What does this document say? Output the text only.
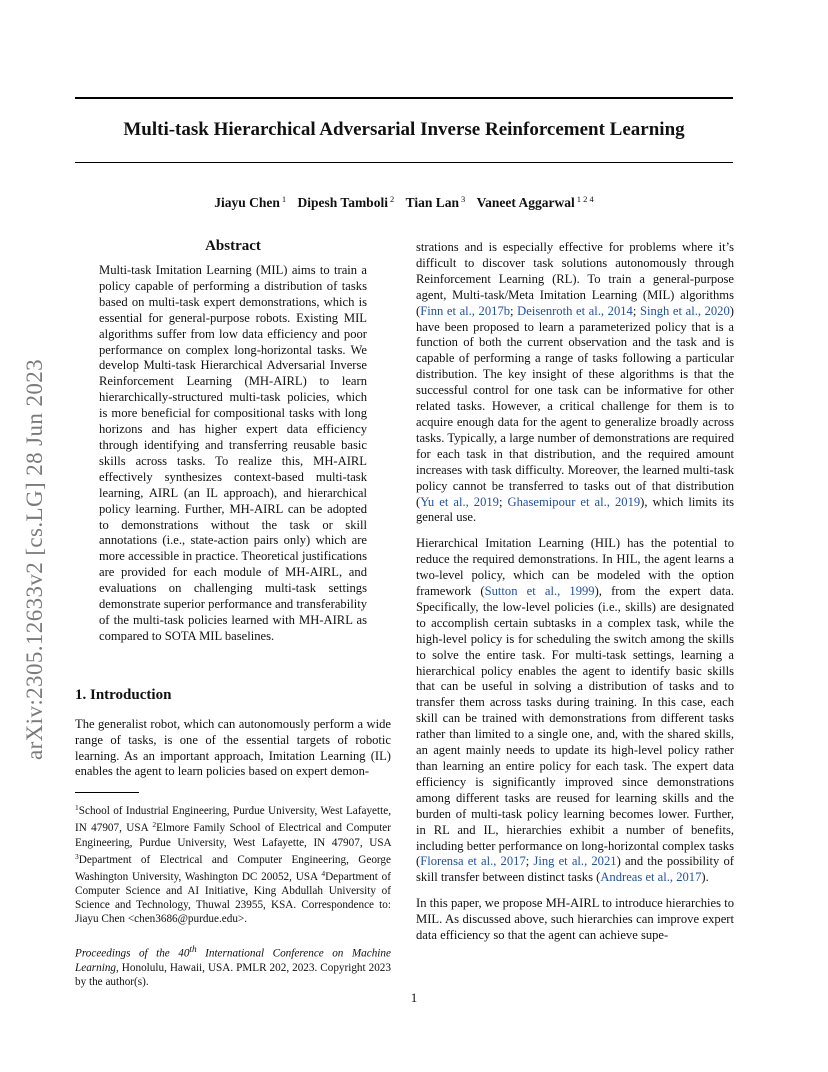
arXiv:2305.12633v2 [cs.LG] 28 Jun 2023
Multi-task Hierarchical Adversarial Inverse Reinforcement Learning
Jiayu Chen $^1$ Dipesh Tamboli $^2$ Tian Lan $^3$ Vaneet Aggarwal $^{1 2 4}$
Abstract

Multi-task Imitation Learning (MIL) aims to train a policy capable of performing a distribution of tasks based on multi-task expert demonstrations, which is essential for general-purpose robots. Existing MIL algorithms suffer from low data efficiency and poor performance on complex long-horizontal tasks. We develop Multi-task Hierarchical Adversarial Inverse Reinforcement Learning (MH-AIRL) to learn hierarchically-structured multi-task policies, which is more beneficial for compositional tasks with long horizons and has higher expert data efficiency through identifying and transferring reusable basic skills across tasks. To realize this, MH-AIRL effectively synthesizes context-based multi-task learning, AIRL (an IL approach), and hierarchical policy learning. Further, MH-AIRL can be adopted to demonstrations without the task or skill annotations (i.e., state-action pairs only) which are more accessible in practice. Theoretical justifications are provided for each module of MH-AIRL, and evaluations on challenging multi-task settings demonstrate superior performance and transferability of the multi-task policies learned with MH-AIRL as compared to SOTA MIL baselines.

1. Introduction

The generalist robot, which can autonomously perform a wide range of tasks, is one of the essential targets of robotic learning. As an important approach, Imitation Learning (IL) enables the agent to learn policies based on expert demon-

$^1$School of Industrial Engineering, Purdue University, West Lafayette, IN 47907, USA $^2$Elmore Family School of Electrical and Computer Engineering, Purdue University, West Lafayette, IN 47907, USA $^3$Department of Electrical and Computer Engineering, George Washington University, Washington DC 20052, USA $^4$Department of Computer Science and AI Initiative, King Abdullah University of Science and Technology, Thuwal 23955, KSA. Correspondence to: Jiayu Chen <chen3686@purdue.edu>.

Proceedings of the 40th International Conference on Machine Learning, Honolulu, Hawaii, USA. PMLR 202, 2023. Copyright 2023 by the author(s).

strations and is especially effective for problems where it’s difficult to discover task solutions autonomously through Reinforcement Learning (RL). To train a general-purpose agent, Multi-task/Meta Imitation Learning (MIL) algorithms (Finn et al., 2017b; Deisenroth et al., 2014; Singh et al., 2020) have been proposed to learn a parameterized policy that is a function of both the current observation and the task and is capable of performing a range of tasks following a particular distribution. The key insight of these algorithms is that the successful control for one task can be informative for other related tasks. However, a critical challenge for them is to acquire enough data for the agent to generalize broadly across tasks. Typically, a large number of demonstrations are required for each task in that distribution, and the required amount increases with task difficulty. Moreover, the learned multi-task policy cannot be transferred to tasks out of that distribution (Yu et al., 2019; Ghasemipour et al., 2019), which limits its general use.

Hierarchical Imitation Learning (HIL) has the potential to reduce the required demonstrations. In HIL, the agent learns a two-level policy, which can be modeled with the option framework (Sutton et al., 1999), from the expert data. Specifically, the low-level policies (i.e., skills) are designated to accomplish certain subtasks in a complex task, while the high-level policy is for scheduling the switch among the skills to solve the entire task. For multi-task settings, learning a hierarchical policy enables the agent to identify basic skills that can be useful in solving a distribution of tasks and to transfer them across tasks during training. In this case, each skill can be trained with demonstrations from different tasks rather than limited to a single one, and, with the shared skills, an agent mainly needs to update its high-level policy rather than learning an entire policy for each task. The expert data efficiency is significantly improved since demonstrations among different tasks are reused for learning skills and the burden of multi-task policy learning becomes lower. Further, in RL and IL, hierarchies exhibit a number of benefits, including better performance on long-horizontal complex tasks (Florensa et al., 2017; Jing et al., 2021) and the possibility of skill transfer between distinct tasks (Andreas et al., 2017).

In this paper, we propose MH-AIRL to introduce hierarchies to MIL. As discussed above, such hierarchies can improve expert data efficiency so that the agent can achieve supe-

1
